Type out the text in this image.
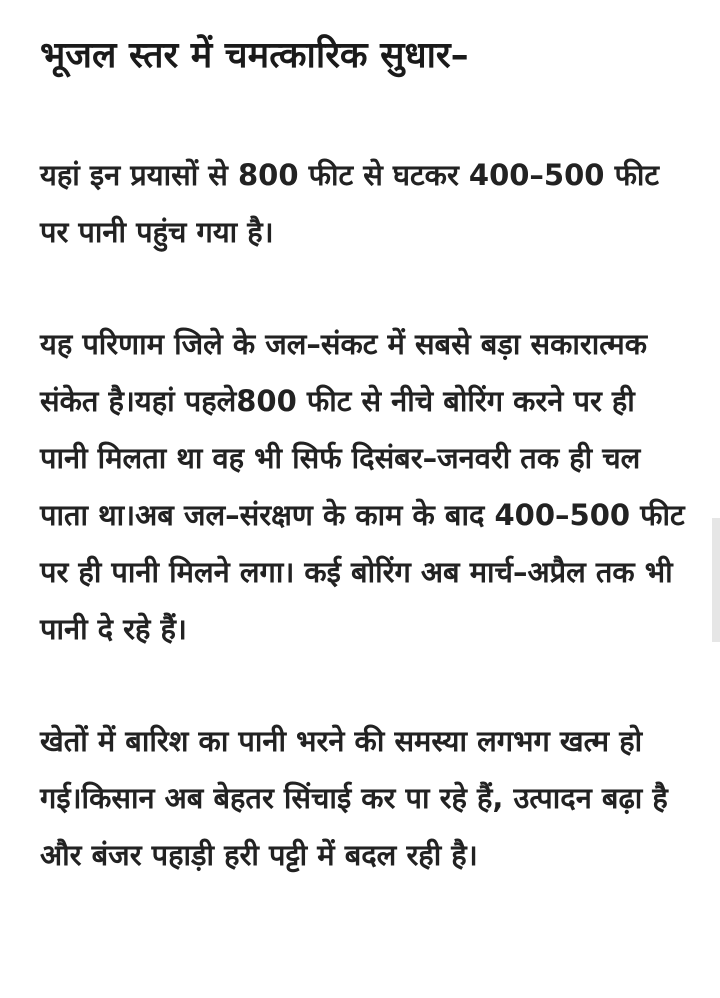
भूजल स्तर में चमत्कारिक सुधार–

यहां इन प्रयासों से 800 फीट से घटकर 400–500 फीट पर पानी पहुंच गया है।

यह परिणाम जिले के जल–संकट में सबसे बड़ा सकारात्मक संकेत है।यहां पहले800 फीट से नीचे बोरिंग करने पर ही पानी मिलता था वह भी सिर्फ दिसंबर–जनवरी तक ही चल पाता था।अब जल–संरक्षण के काम के बाद 400–500 फीट पर ही पानी मिलने लगा। कई बोरिंग अब मार्च–अप्रैल तक भी पानी दे रहे हैं।

खेतों में बारिश का पानी भरने की समस्या लगभग खत्म हो गई।किसान अब बेहतर सिंचाई कर पा रहे हैं, उत्पादन बढ़ा है और बंजर पहाड़ी हरी पट्टी में बदल रही है।
